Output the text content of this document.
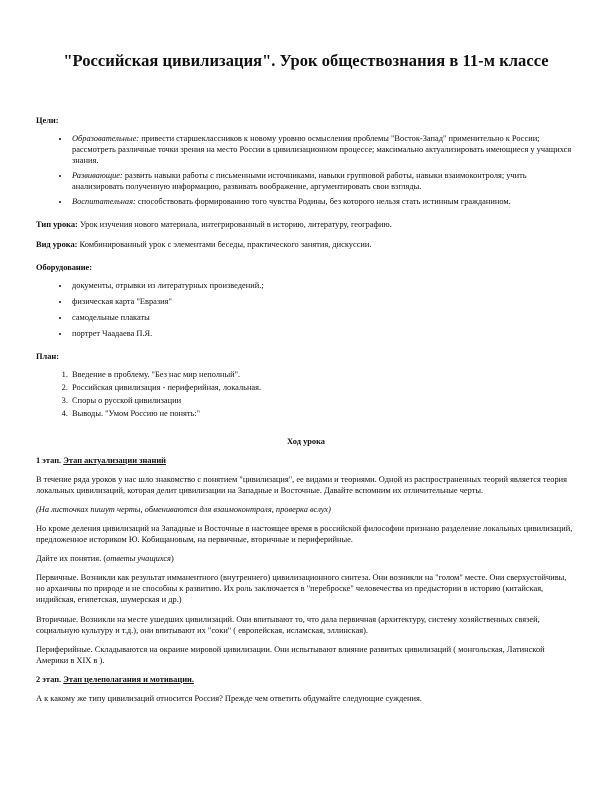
"Российская цивилизация". Урок обществознания в 11-м классе
Цели:
• Образовательные: привести старшеклассников к новому уровню осмысления проблемы "Восток-Запад" применительно к России; рассмотреть различные точки зрения на место России в цивилизационном процессе; максимально актуализировать имеющиеся у учащихся знания.
• Развивающие: развить навыки работы с письменными источниками, навыки групповой работы, навыки взаимоконтроля; учить анализировать полученную информацию, развивать воображение, аргументировать свои взгляды.
• Воспитательная: способствовать формированию того чувства Родины, без которого нельзя стать истинным гражданином.

Тип урока: Урок изучения нового материала, интегрированный в историю, литературу, географию.

Вид урока: Комбинированный урок с элементами беседы, практического занятия, дискуссии.

Оборудование:
• документы, отрывки из литературных произведений.;
• физическая карта "Евразия"
• самодельные плакаты
• портрет Чаадаева П.Я.
План:
1. Введение в проблему. "Без нас мир неполный".
2. Российская цивилизация - периферийная, локальная.
3. Споры о русской цивилизации
4. Выводы. "Умом Россию не понять:"
Ход урока

1 этап. Этап актуализации знаний

В течение ряда уроков у нас шло знакомство с понятием "цивилизация", ее видами и теориями. Одной из распространенных теорий является теория локальных цивилизаций, которая делит цивилизации на Западные и Восточные. Давайте вспомним их отличительные черты.

(На листочках пишут черты, обмениваются для взаимоконтроля, проверка вслух)

Но кроме деления цивилизаций на Западные и Восточные в настоящее время в российской философии признано разделение локальных цивилизаций, предложенное историком Ю. Кобищановым, на первичные, вторичные и периферийные.

Дайте их понятия. (ответы учащихся)

Первичные. Возникли как результат имманентного (внутреннего) цивилизационного синтеза. Они возникли на "голом" месте. Они сверхустойчивы, но архаичны по природе и не способны к развитию. Их роль заключается в "переброске" человечества из предыстории в историю (китайская, индийская, египетская, шумерская и др.)

Вторичные. Возникли на месте ушедших цивилизаций. Они впитывают то, что дала первичная (архитектуру, систему хозяйственных связей, социальную культуру и т.д.), они впитывают их "соки" ( европейская, исламская, эллинская).

Периферийные. Складываются на окраине мировой цивилизации. Они испытывают влияние развитых цивилизаций ( монгольская, Латинской Америки в XIX в ).

2 этап. Этап целеполагания и мотивации.

А к какому же типу цивилизаций относится Россия? Прежде чем ответить обдумайте следующие суждения.
